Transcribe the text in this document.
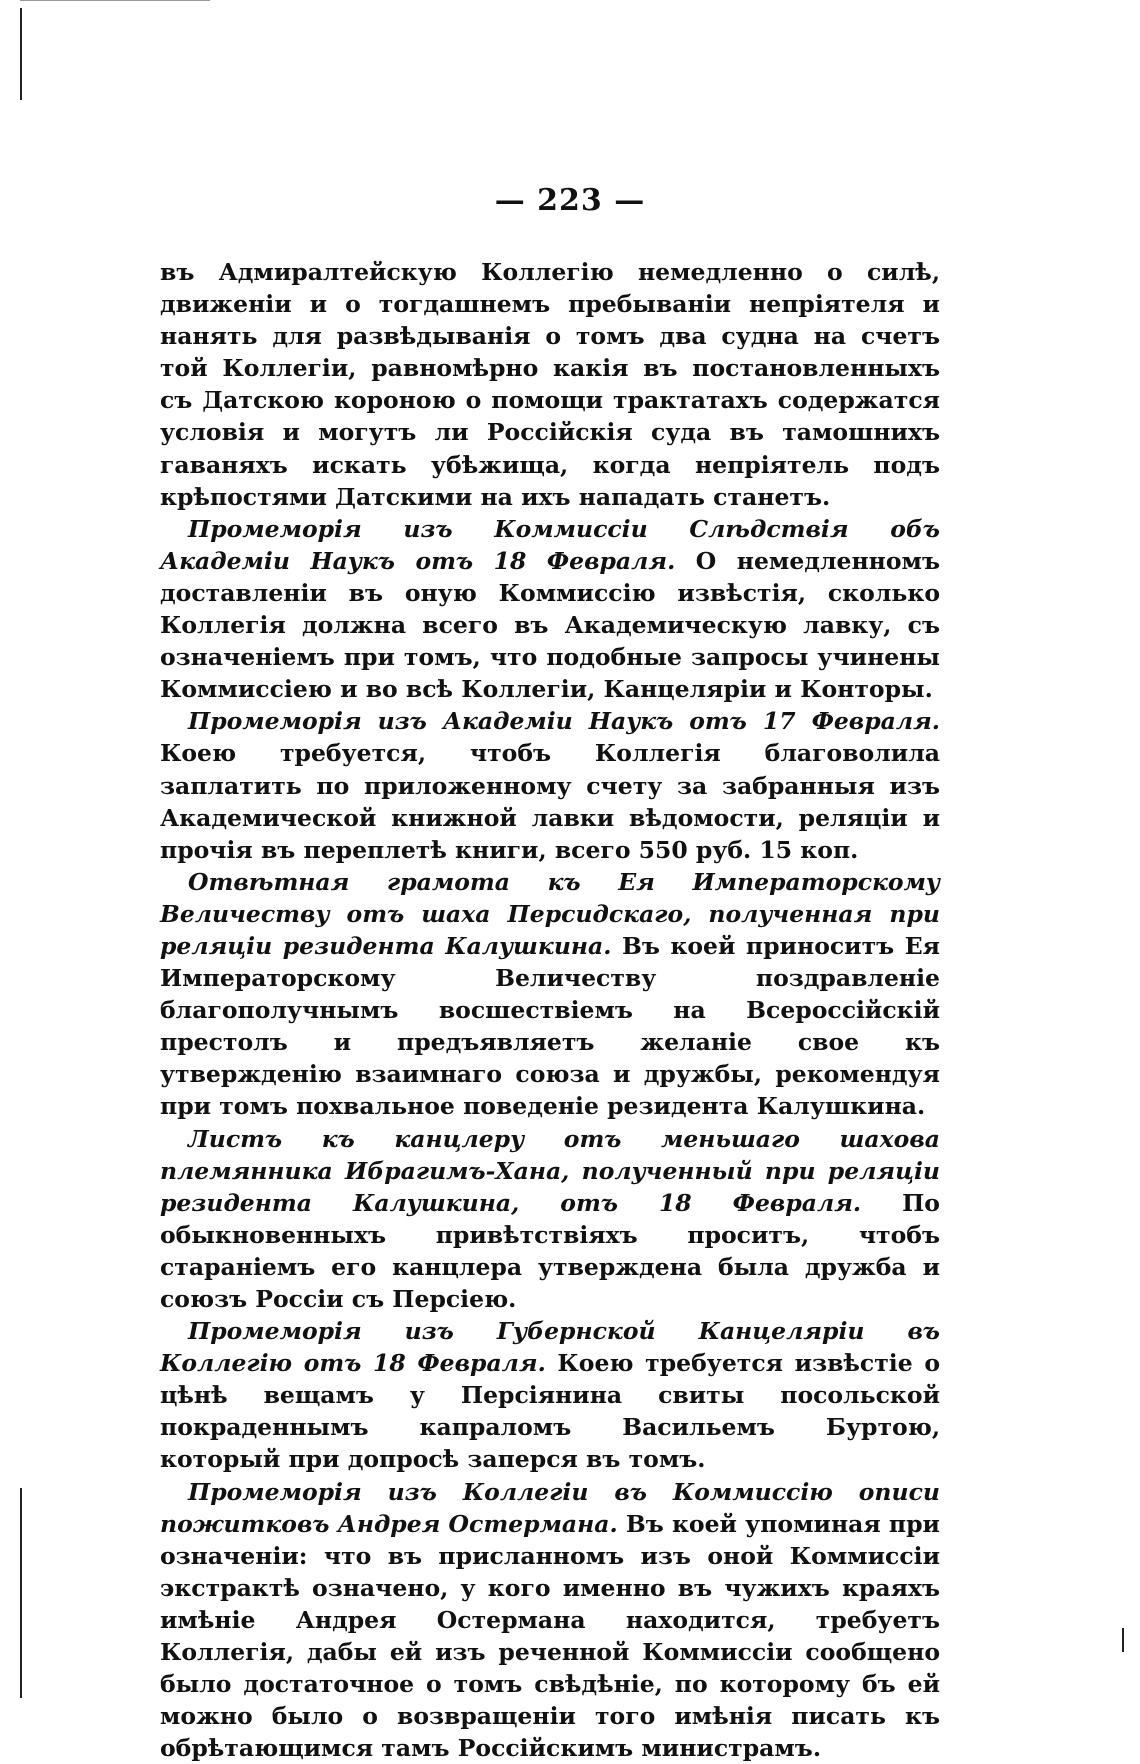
— 223 —

въ Адмиралтейскую Коллегію немедленно о силѣ, движеніи и о тогдашнемъ пребываніи непріятеля и нанять для развѣдыванія о томъ два судна на счетъ той Коллегіи, равномѣрно какія въ постановленныхъ съ Датскою короною о помощи трактатахъ содержатся условія и могутъ ли Россійскія суда въ тамошнихъ гаваняхъ искать убѣжища, когда непріятель подъ крѣпостями Датскими на ихъ нападать станетъ.

Промеморія изъ Коммиссіи Слѣдствія объ Академіи Наукъ отъ 18 Февраля. О немедленномъ доставленіи въ оную Коммиссію извѣстія, сколько Коллегія должна всего въ Академическую лавку, съ означеніемъ при томъ, что подобные запросы учинены Коммиссіею и во всѣ Коллегіи, Канцеляріи и Конторы.

Промеморія изъ Академіи Наукъ отъ 17 Февраля. Коею требуется, чтобъ Коллегія благоволила заплатить по приложенному счету за забранныя изъ Академической книжной лавки вѣдомости, реляціи и прочія въ переплетѣ книги, всего 550 руб. 15 коп.

Отвѣтная грамота къ Ея Императорскому Величеству отъ шаха Персидскаго, полученная при реляціи резидента Калушкина. Въ коей приноситъ Ея Императорскому Величеству поздравленіе благополучнымъ восшествіемъ на Всероссійскій престолъ и предъявляетъ желаніе свое къ утвержденію взаимнаго союза и дружбы, рекомендуя при томъ похвальное поведеніе резидента Калушкина.

Листъ къ канцлеру отъ меньшаго шахова племянника Ибрагимъ-Хана, полученный при реляціи резидента Калушкина, отъ 18 Февраля. По обыкновенныхъ привѣтствіяхъ проситъ, чтобъ стараніемъ его канцлера утверждена была дружба и союзъ Россіи съ Персіею.

Промеморія изъ Губернской Канцеляріи въ Коллегію отъ 18 Февраля. Коею требуется извѣстіе о цѣнѣ вещамъ у Персіянина свиты посольской покраденнымъ капраломъ Васильемъ Буртою, который при допросѣ заперся въ томъ.

Промеморія изъ Коллегіи въ Коммиссію описи пожитковъ Андрея Остермана. Въ коей упоминая при означеніи: что въ присланномъ изъ оной Коммиссіи экстрактѣ означено, у кого именно въ чужихъ краяхъ имѣніе Андрея Остермана находится, требуетъ Коллегія, дабы ей изъ реченной Коммиссіи сообщено было достаточное о томъ свѣдѣніе, по которому бъ ей можно было о возвращеніи того имѣнія писать къ обрѣтающимся тамъ Россійскимъ министрамъ.
